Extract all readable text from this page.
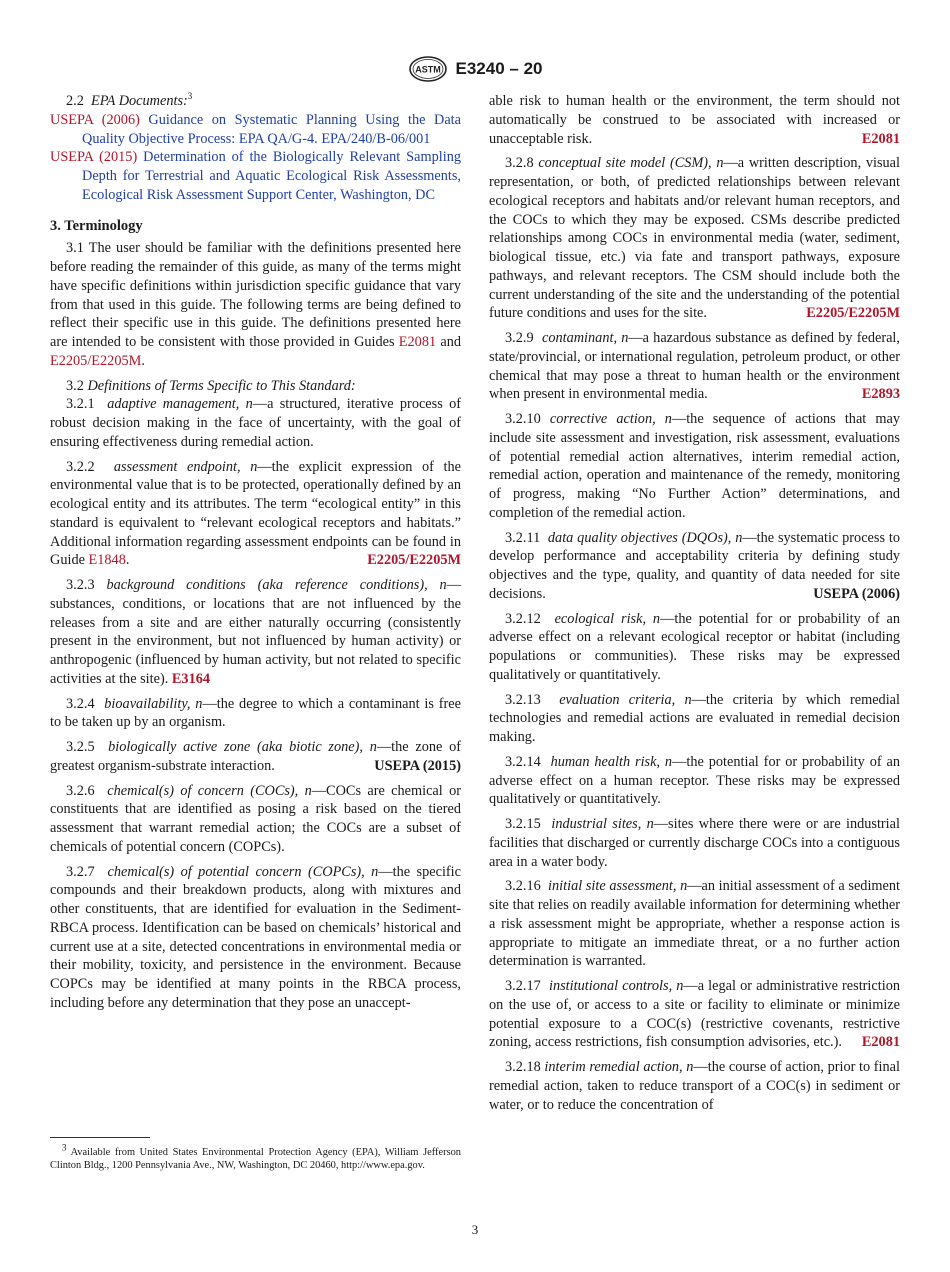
ASTM E3240 – 20

2.2 EPA Documents:$^3$

USEPA (2006) Guidance on Systematic Planning Using the Data Quality Objective Process: EPA QA/G-4. EPA/240/B-06/001

USEPA (2015) Determination of the Biologically Relevant Sampling Depth for Terrestrial and Aquatic Ecological Risk Assessments, Ecological Risk Assessment Support Center, Washington, DC

3. Terminology

3.1 The user should be familiar with the definitions presented here before reading the remainder of this guide, as many of the terms might have specific definitions within jurisdiction specific guidance that vary from that used in this guide. The following terms are being defined to reflect their specific use in this guide. The definitions presented here are intended to be consistent with those provided in Guides E2081 and E2205/E2205M.

3.2 Definitions of Terms Specific to This Standard:

3.2.1 adaptive management, n—a structured, iterative process of robust decision making in the face of uncertainty, with the goal of ensuring effectiveness during remedial action.

3.2.2 assessment endpoint, n—the explicit expression of the environmental value that is to be protected, operationally defined by an ecological entity and its attributes. The term “ecological entity” in this standard is equivalent to “relevant ecological receptors and habitats.” Additional information regarding assessment endpoints can be found in Guide E1848.	E2205/E2205M

3.2.3 background conditions (aka reference conditions), n—substances, conditions, or locations that are not influenced by the releases from a site and are either naturally occurring (consistently present in the environment, but not influenced by human activity) or anthropogenic (influenced by human activity, but not related to specific activities at the site). E3164

3.2.4 bioavailability, n—the degree to which a contaminant is free to be taken up by an organism.

3.2.5 biologically active zone (aka biotic zone), n—the zone of greatest organism-substrate interaction.	USEPA (2015)

3.2.6 chemical(s) of concern (COCs), n—COCs are chemical or constituents that are identified as posing a risk based on the tiered assessment that warrant remedial action; the COCs are a subset of chemicals of potential concern (COPCs).

3.2.7 chemical(s) of potential concern (COPCs), n—the specific compounds and their breakdown products, along with mixtures and other constituents, that are identified for evaluation in the Sediment-RBCA process. Identification can be based on chemicals’ historical and current use at a site, detected concentrations in environmental media or their mobility, toxicity, and persistence in the environment. Because COPCs may be identified at many points in the RBCA process, including before any determination that they pose an unaccept-

able risk to human health or the environment, the term should not automatically be construed to be associated with increased or unacceptable risk.	E2081

3.2.8 conceptual site model (CSM), n—a written description, visual representation, or both, of predicted relationships between relevant ecological receptors and habitats and/or relevant human receptors, and the COCs to which they may be exposed. CSMs describe predicted relationships among COCs in environmental media (water, sediment, biological tissue, etc.) via fate and transport pathways, exposure pathways, and relevant receptors. The CSM should include both the current understanding of the site and the understanding of the potential future conditions and uses for the site.	E2205/E2205M

3.2.9 contaminant, n—a hazardous substance as defined by federal, state/provincial, or international regulation, petroleum product, or other chemical that may pose a threat to human health or the environment when present in environmental media.	E2893

3.2.10 corrective action, n—the sequence of actions that may include site assessment and investigation, risk assessment, evaluations of potential remedial action alternatives, interim remedial action, remedial action, operation and maintenance of the remedy, monitoring of progress, making “No Further Action” determinations, and completion of the remedial action.

3.2.11 data quality objectives (DQOs), n—the systematic process to develop performance and acceptability criteria by defining study objectives and the type, quality, and quantity of data needed for site decisions.	USEPA (2006)

3.2.12 ecological risk, n—the potential for or probability of an adverse effect on a relevant ecological receptor or habitat (including populations or communities). These risks may be expressed qualitatively or quantitatively.

3.2.13 evaluation criteria, n—the criteria by which remedial technologies and remedial actions are evaluated in remedial decision making.

3.2.14 human health risk, n—the potential for or probability of an adverse effect on a human receptor. These risks may be expressed qualitatively or quantitatively.

3.2.15 industrial sites, n—sites where there were or are industrial facilities that discharged or currently discharge COCs into a contiguous area in a water body.

3.2.16 initial site assessment, n—an initial assessment of a sediment site that relies on readily available information for determining whether a risk assessment might be appropriate, whether a response action is appropriate to mitigate an immediate threat, or a no further action determination is warranted.

3.2.17 institutional controls, n—a legal or administrative restriction on the use of, or access to a site or facility to eliminate or minimize potential exposure to a COC(s) (restrictive covenants, restrictive zoning, access restrictions, fish consumption advisories, etc.).	E2081

3.2.18 interim remedial action, n—the course of action, prior to final remedial action, taken to reduce transport of a COC(s) in sediment or water, or to reduce the concentration of

$^3$ Available from United States Environmental Protection Agency (EPA), William Jefferson Clinton Bldg., 1200 Pennsylvania Ave., NW, Washington, DC 20460, http://www.epa.gov.
3
